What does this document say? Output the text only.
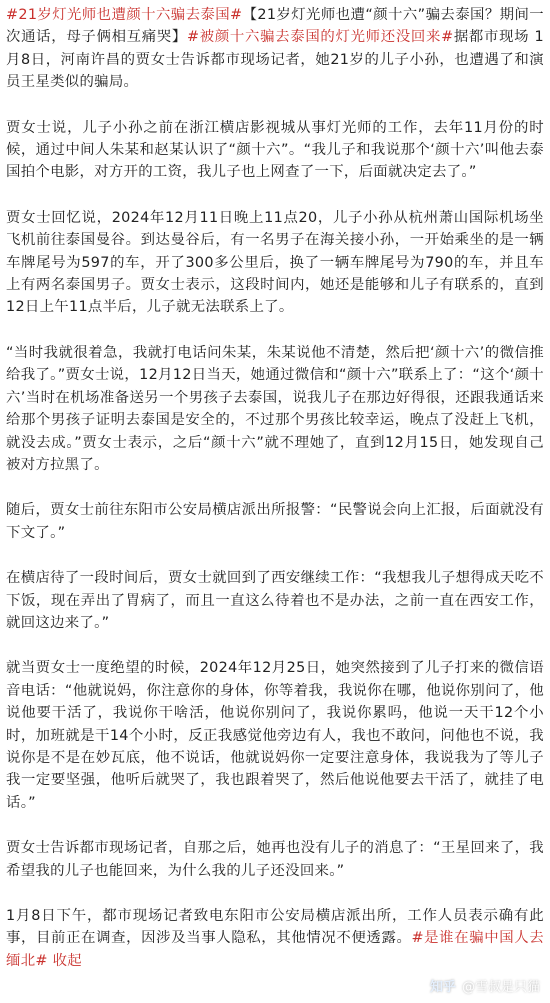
#21岁灯光师也遭颜十六骗去泰国#【21岁灯光师也遭“颜十六”骗去泰国？期间一次通话，母子俩相互痛哭】#被颜十六骗去泰国的灯光师还没回来#据都市现场 1月8日，河南许昌的贾女士告诉都市现场记者，她21岁的儿子小孙，也遭遇了和演员王星类似的骗局。

贾女士说，儿子小孙之前在浙江横店影视城从事灯光师的工作，去年11月份的时候，通过中间人朱某和赵某认识了“颜十六”。“我儿子和我说那个‘颜十六’叫他去泰国拍个电影，对方开的工资，我儿子也上网查了一下，后面就决定去了。”

贾女士回忆说，2024年12月11日晚上11点20，儿子小孙从杭州萧山国际机场坐飞机前往泰国曼谷。到达曼谷后，有一名男子在海关接小孙，一开始乘坐的是一辆车牌尾号为597的车，开了300多公里后，换了一辆车牌尾号为790的车，并且车上有两名泰国男子。贾女士表示，这段时间内，她还是能够和儿子有联系的，直到12日上午11点半后，儿子就无法联系上了。

“当时我就很着急，我就打电话问朱某，朱某说他不清楚，然后把‘颜十六’的微信推给我了。”贾女士说，12月12日当天，她通过微信和“颜十六”联系上了：“这个‘颜十六’当时在机场准备送另一个男孩子去泰国，说我儿子在那边好得很，还跟我通话来给那个男孩子证明去泰国是安全的，不过那个男孩比较幸运，晚点了没赶上飞机，就没去成。”贾女士表示，之后“颜十六”就不理她了，直到12月15日，她发现自己被对方拉黑了。

随后，贾女士前往东阳市公安局横店派出所报警：“民警说会向上汇报，后面就没有下文了。”

在横店待了一段时间后，贾女士就回到了西安继续工作：“我想我儿子想得成天吃不下饭，现在弄出了胃病了，而且一直这么待着也不是办法，之前一直在西安工作，就回这边来了。”

就当贾女士一度绝望的时候，2024年12月25日，她突然接到了儿子打来的微信语音电话：“他就说妈，你注意你的身体，你等着我，我说你在哪，他说你别问了，他说他要干活了，我说你干啥活，他说你别问了，我说你累吗，他说一天干12个小时，加班就是干14个小时，反正我感觉他旁边有人，我也不敢问，问他也不说，我说你是不是在妙瓦底，他不说话，他就说妈你一定要注意身体，我说我为了等儿子我一定要坚强，他听后就哭了，我也跟着哭了，然后他说他要去干活了，就挂了电话。”

贾女士告诉都市现场记者，自那之后，她再也没有儿子的消息了：“王星回来了，我希望我的儿子也能回来，为什么我的儿子还没回来。”

1月8日下午，都市现场记者致电东阳市公安局横店派出所，工作人员表示确有此事，目前正在调查，因涉及当事人隐私，其他情况不便透露。#是谁在骗中国人去缅北# 收起

知乎 @雪叔是只猫
